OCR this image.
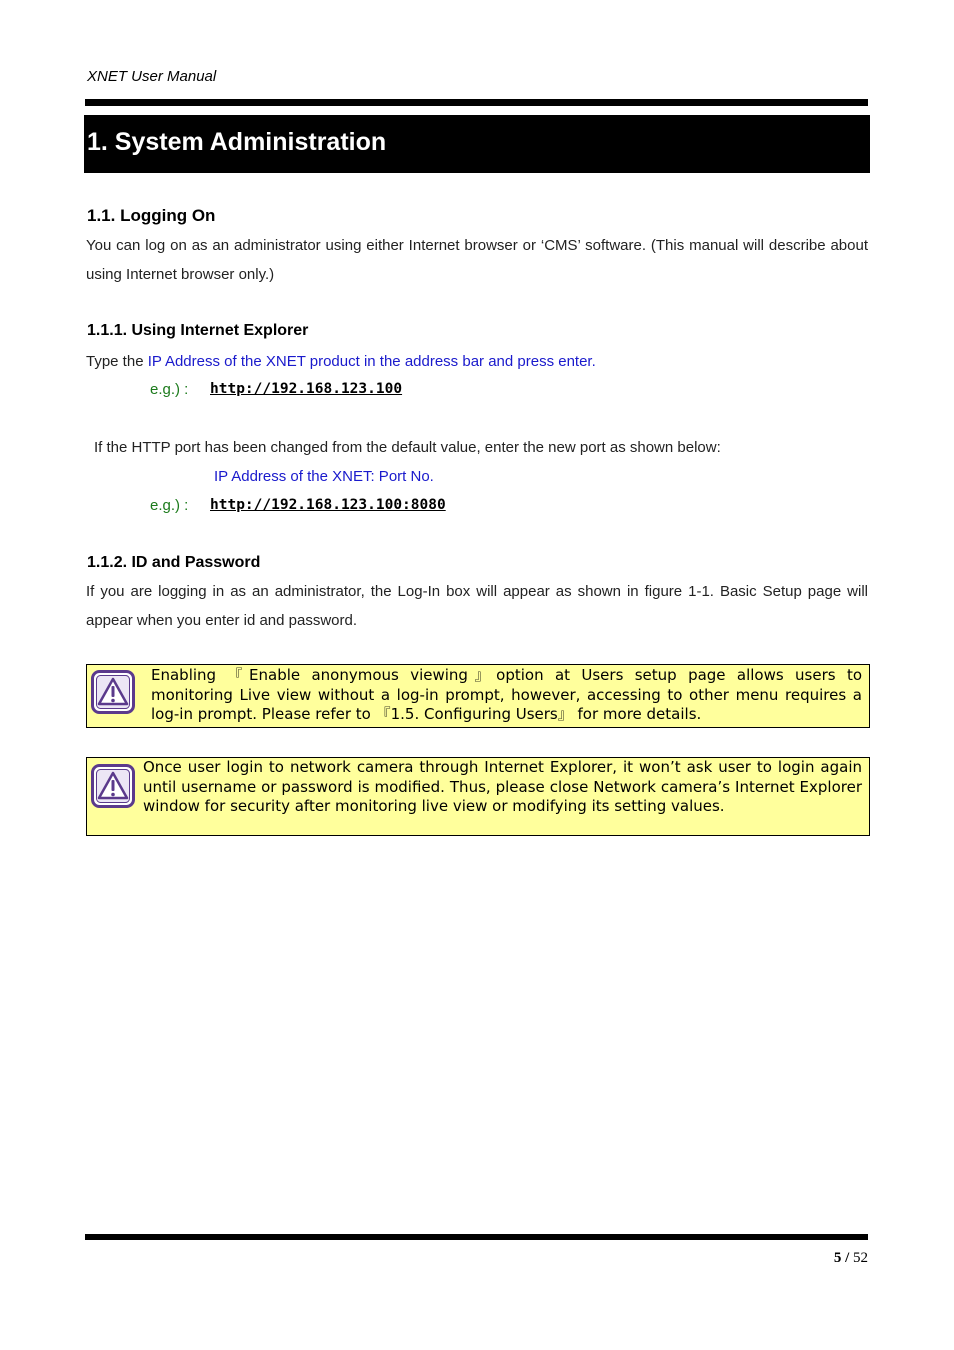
XNET User Manual
1. System Administration
1.1. Logging On
You can log on as an administrator using either Internet browser or ‘CMS’ software. (This manual will describe about using Internet browser only.)
1.1.1. Using Internet Explorer
Type the IP Address of the XNET product in the address bar and press enter.
e.g.) : http://192.168.123.100
If the HTTP port has been changed from the default value, enter the new port as shown below:
IP Address of the XNET: Port No.
e.g.) : http://192.168.123.100:8080
1.1.2. ID and Password
If you are logging in as an administrator, the Log-In box will appear as shown in figure 1-1. Basic Setup page will appear when you enter id and password.
Enabling 『Enable anonymous viewing』option at Users setup page allows users to monitoring Live view without a log-in prompt, however, accessing to other menu requires a log-in prompt. Please refer to 『1.5. Configuring Users』 for more details.
Once user login to network camera through Internet Explorer, it won’t ask user to login again until username or password is modified. Thus, please close Network camera’s Internet Explorer window for security after monitoring live view or modifying its setting values.
5 / 52
